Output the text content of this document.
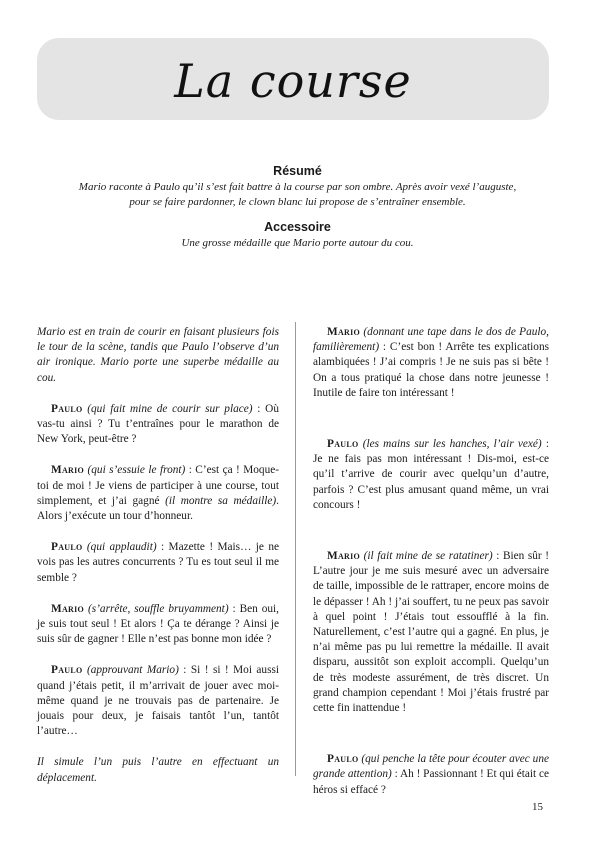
La course
Résumé

Mario raconte à Paulo qu’il s’est fait battre à la course par son ombre. Après avoir vexé l’auguste,
pour se faire pardonner, le clown blanc lui propose de s’entraîner ensemble.

Accessoire

Une grosse médaille que Mario porte autour du cou.

Mario est en train de courir en faisant plusieurs fois le tour de la scène, tandis que Paulo l’observe d’un air ironique. Mario porte une superbe médaille au cou.

Paulo (qui fait mine de courir sur place) : Où vas-tu ainsi ? Tu t’entraînes pour le marathon de New York, peut-être ?

Mario (qui s’essuie le front) : C’est ça ! Moque-toi de moi ! Je viens de participer à une course, tout simplement, et j’ai gagné (il montre sa médaille). Alors j’exécute un tour d’honneur.

Paulo (qui applaudit) : Mazette ! Mais… je ne vois pas les autres concurrents ? Tu es tout seul il me semble ?

Mario (s’arrête, souffle bruyamment) : Ben oui, je suis tout seul ! Et alors ! Ça te dérange ? Ainsi je suis sûr de gagner ! Elle n’est pas bonne mon idée ?

Paulo (approuvant Mario) : Si ! si ! Moi aussi quand j’étais petit, il m’arrivait de jouer avec moi-même quand je ne trouvais pas de partenaire. Je jouais pour deux, je faisais tantôt l’un, tantôt l’autre…

Il simule l’un puis l’autre en effectuant un déplacement.

Mario (donnant une tape dans le dos de Paulo, familièrement) : C’est bon ! Arrête tes explications alambiquées ! J’ai compris ! Je ne suis pas si bête ! On a tous pratiqué la chose dans notre jeunesse ! Inutile de faire ton intéressant !

Paulo (les mains sur les hanches, l’air vexé) : Je ne fais pas mon intéressant ! Dis-moi, est-ce qu’il t’arrive de courir avec quelqu’un d’autre, parfois ? C’est plus amusant quand même, un vrai concours !

Mario (il fait mine de se ratatiner) : Bien sûr ! L’autre jour je me suis mesuré avec un adversaire de taille, impossible de le rattraper, encore moins de le dépasser ! Ah ! j’ai souffert, tu ne peux pas savoir à quel point ! J’étais tout essoufflé à la fin. Naturellement, c’est l’autre qui a gagné. En plus, je n’ai même pas pu lui remettre la médaille. Il avait disparu, aussitôt son exploit accompli. Quelqu’un de très modeste assurément, de très discret. Un grand champion cependant ! Moi j’étais frustré par cette fin inattendue !

Paulo (qui penche la tête pour écouter avec une grande attention) : Ah ! Passionnant ! Et qui était ce héros si effacé ?

15
